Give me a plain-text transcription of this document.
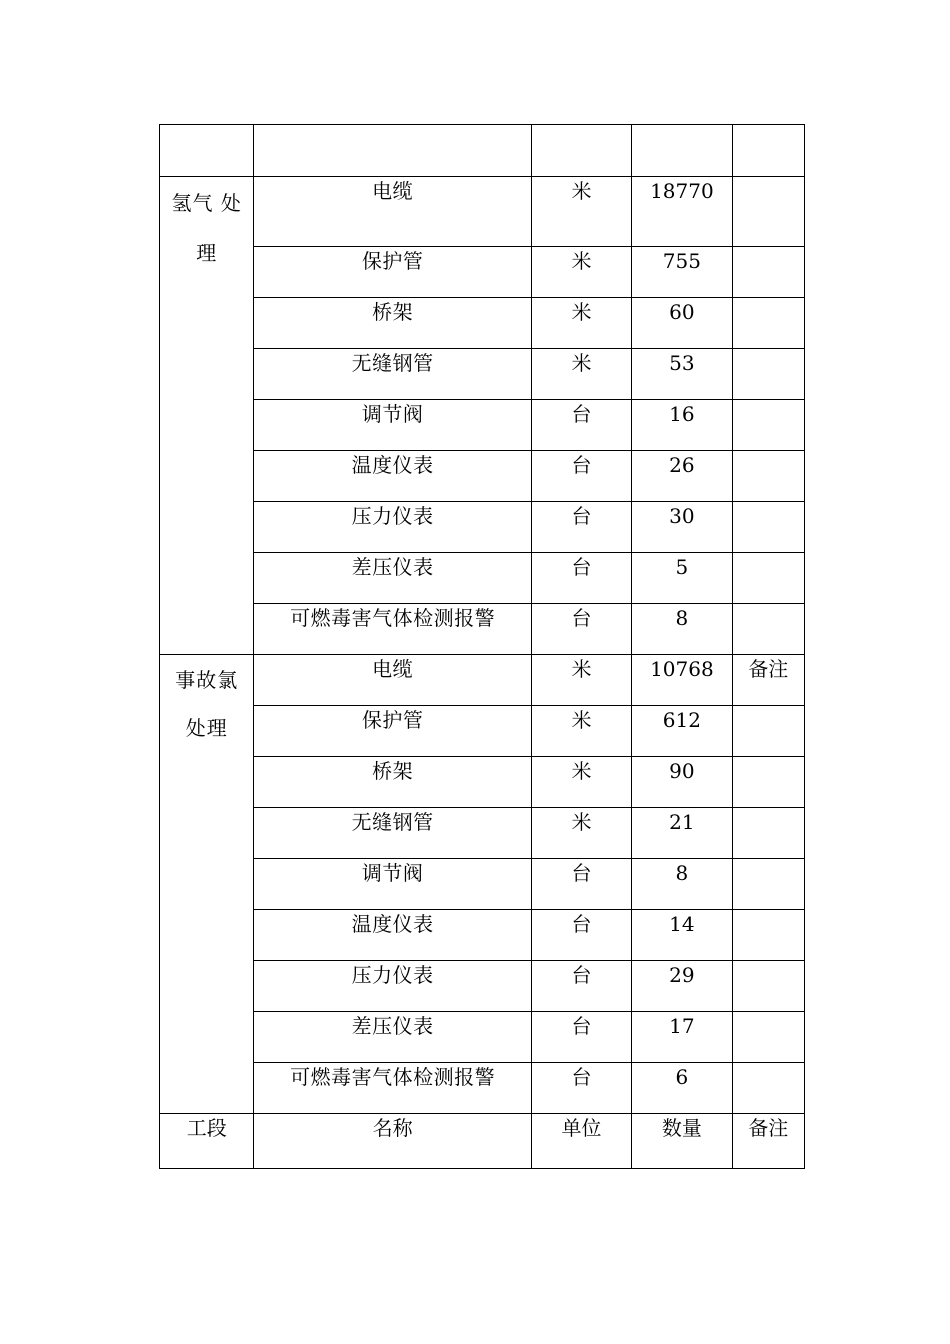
氢气 处理	电缆	米	18770	

	保护管	米	755	

	桥架	米	60	

	无缝钢管	米	53	

	调节阀	台	16	

	温度仪表	台	26	

	压力仪表	台	30	

	差压仪表	台	5	

	可燃毒害气体检测报警	台	8	

事故氯处理	电缆	米	10768	备注

	保护管	米	612	

	桥架	米	90	

	无缝钢管	米	21	

	调节阀	台	8	

	温度仪表	台	14	

	压力仪表	台	29	

	差压仪表	台	17	

	可燃毒害气体检测报警	台	6	

工段	名称	单位	数量	备注
